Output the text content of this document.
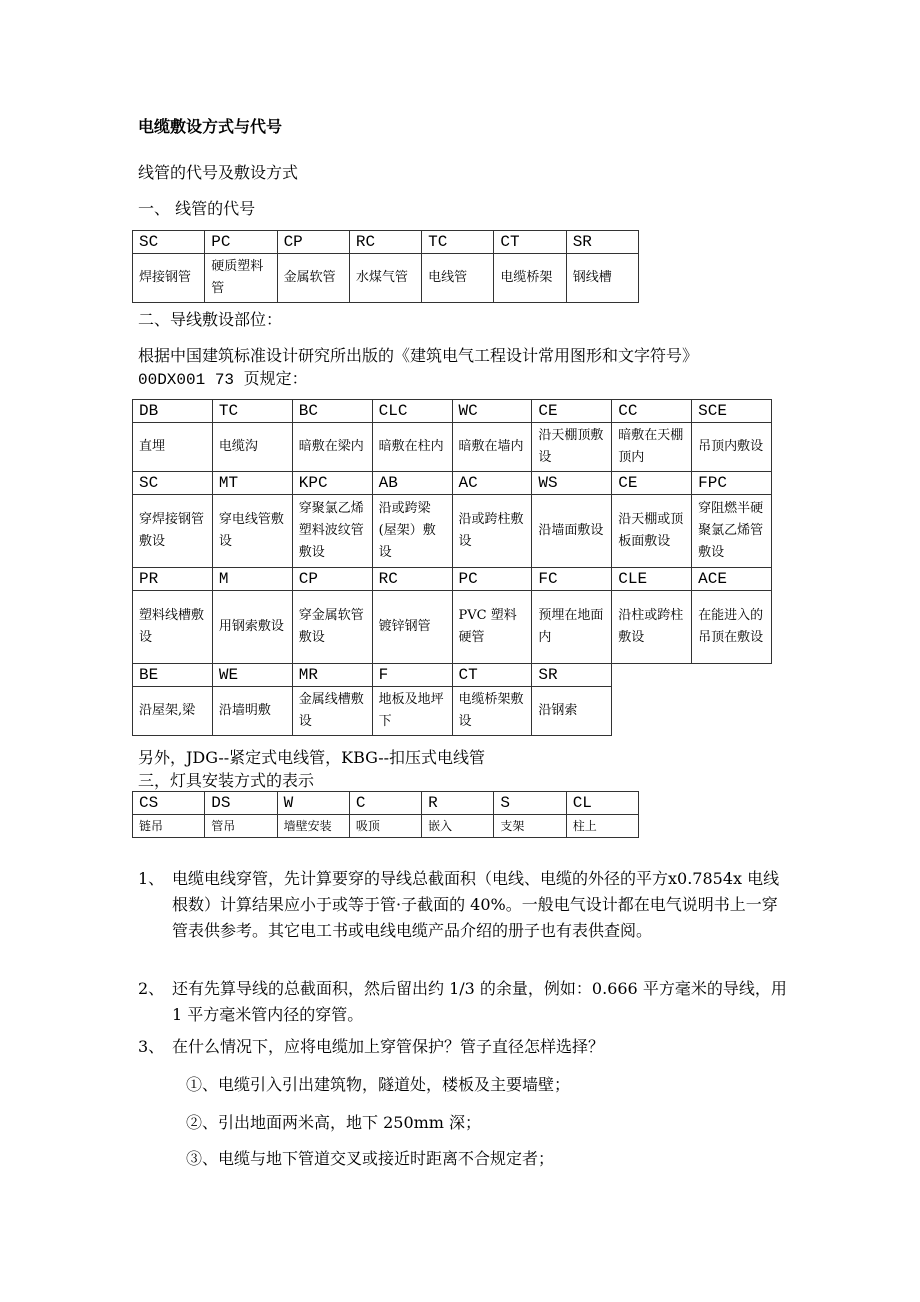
电缆敷设方式与代号
线管的代号及敷设方式
一、 线管的代号
SC	PC	CP	RC	TC	CT	SR
焊接钢管	硬质塑料管	金属软管	水煤气管	电线管	电缆桥架	钢线槽
二、导线敷设部位：
根据中国建筑标准设计研究所出版的《建筑电气工程设计常用图形和文字符号》
00DX001 73 页规定：
DB	TC	BC	CLC	WC	CE	CC	SCE
直埋	电缆沟	暗敷在梁内	暗敷在柱内	暗敷在墙内	沿天棚顶敷设	暗敷在天棚顶内	吊顶内敷设
SC	MT	KPC	AB	AC	WS	CE	FPC
穿焊接钢管敷设	穿电线管敷设	穿聚氯乙烯塑料波纹管敷设	沿或跨梁(屋架）敷设	沿或跨柱敷设	沿墙面敷设	沿天棚或顶板面敷设	穿阻燃半硬聚氯乙烯管敷设
PR	M	CP	RC	PC	FC	CLE	ACE
塑料线槽敷设	用钢索敷设	穿金属软管敷设	镀锌钢管	PVC 塑料硬管	预埋在地面内	沿柱或跨柱敷设	在能进入的吊顶在敷设
BE	WE	MR	F	CT	SR		
沿屋架,梁	沿墙明敷	金属线槽敷设	地板及地坪下	电缆桥架敷设	沿钢索		
另外，JDG--紧定式电线管，KBG--扣压式电线管
三，灯具安装方式的表示
CS	DS	W	C	R	S	CL
链吊	管吊	墙壁安装	吸顶	嵌入	支架	柱上
1、 电缆电线穿管，先计算要穿的导线总截面积（电线、电缆的外径的平方x0.7854x 电线根数）计算结果应小于或等于管·子截面的 40%。一般电气设计都在电气说明书上一穿管表供参考。其它电工书或电线电缆产品介绍的册子也有表供查阅。
2、 还有先算导线的总截面积，然后留出约 1/3 的余量，例如：0.666 平方毫米的导线，用 1 平方毫米管内径的穿管。
3、 在什么情况下，应将电缆加上穿管保护？管子直径怎样选择？
①、电缆引入引出建筑物，隧道处，楼板及主要墙壁；
②、引出地面两米高，地下 250mm 深；
③、电缆与地下管道交叉或接近时距离不合规定者；
